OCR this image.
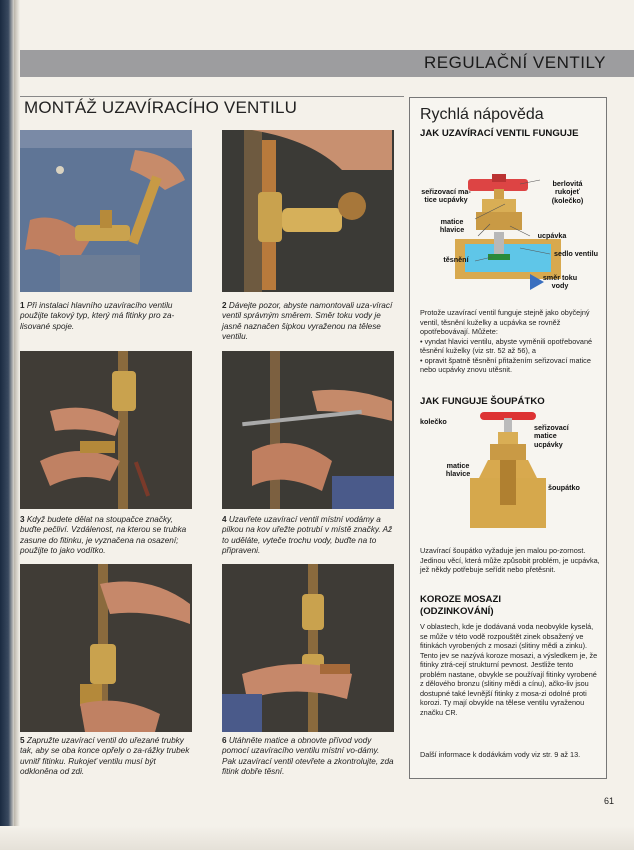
REGULAČNÍ VENTILY
MONTÁŽ UZAVÍRACÍHO VENTILU
1 Při instalaci hlavního uzavíracího ventilu použijte takový typ, který má fitinky pro za-lisované spoje.
2 Dávejte pozor, abyste namontovali uza-vírací ventil správným směrem. Směr toku vody je jasně naznačen šipkou vyraženou na tělese ventilu.
3 Když budete dělat na stoupačce značky, buďte pečliví. Vzdálenost, na kterou se trubka zasune do fitinku, je vyznačena na osazení; použijte to jako vodítko.
4 Uzavřete uzavírací ventil místní vodámy a pilkou na kov uřežte potrubí v místě značky. Až to uděláte, vyteče trochu vody, buďte na to připraveni.
5 Zapružte uzavírací ventil do uřezané trubky tak, aby se oba konce opřely o za-rážky trubek uvnitř fitinku. Rukojeť ventilu musí být odkloněna od zdi.
6 Utáhněte matice a obnovte přívod vody pomocí uzavíracího ventilu místní vo-dámy. Pak uzavírací ventil otevřete a zkontrolujte, zda fitink dobře těsní.
Rychlá nápověda
JAK UZAVÍRACÍ VENTIL FUNGUJE
berlovitá rukojeť (kolečko)
seřizovací ma-tice ucpávky
matice hlavice
ucpávka
těsnění
sedlo ventilu
směr toku vody
Protože uzavírací ventil funguje stejně jako obyčejný ventil, těsnění kuželky a ucpávka se rovněž opotřebovávají. Můžete:
• vyndat hlavici ventilu, abyste vyměnili opotřebované těsnění kuželky (viz str. 52 až 56), a
• opravit špatně těsnění přitažením seřizovací matice nebo ucpávky znovu utěsnit.
JAK FUNGUJE ŠOUPÁTKO
kolečko
seřizovací matice ucpávky
matice hlavice
šoupátko
Uzavírací šoupátko vyžaduje jen malou po-zornost. Jedinou věcí, která může způsobit problém, je ucpávka, jež někdy potřebuje seřídit nebo přetěsnit.
KOROZE MOSAZI
(ODZINKOVÁNÍ)
V oblastech, kde je dodávaná voda neobvykle kyselá, se může v této vodě rozpouštět zinek obsažený ve fitinkách vyrobených z mosazi (slitiny mědi a zinku). Tento jev se nazývá koroze mosazi, a výsledkem je, že fitinky ztrá-cejí strukturní pevnost. Jestliže tento problém nastane, obvykle se používají fitinky vyrobené z dělového bronzu (slitiny mědi a cínu), ačko-liv jsou dostupné také levnější fitinky z mosa-zi odolné proti korozi. Ty mají obvykle na tělese ventilu vyraženou značku CR.
Další informace k dodávkám vody viz str. 9 až 13.
61
